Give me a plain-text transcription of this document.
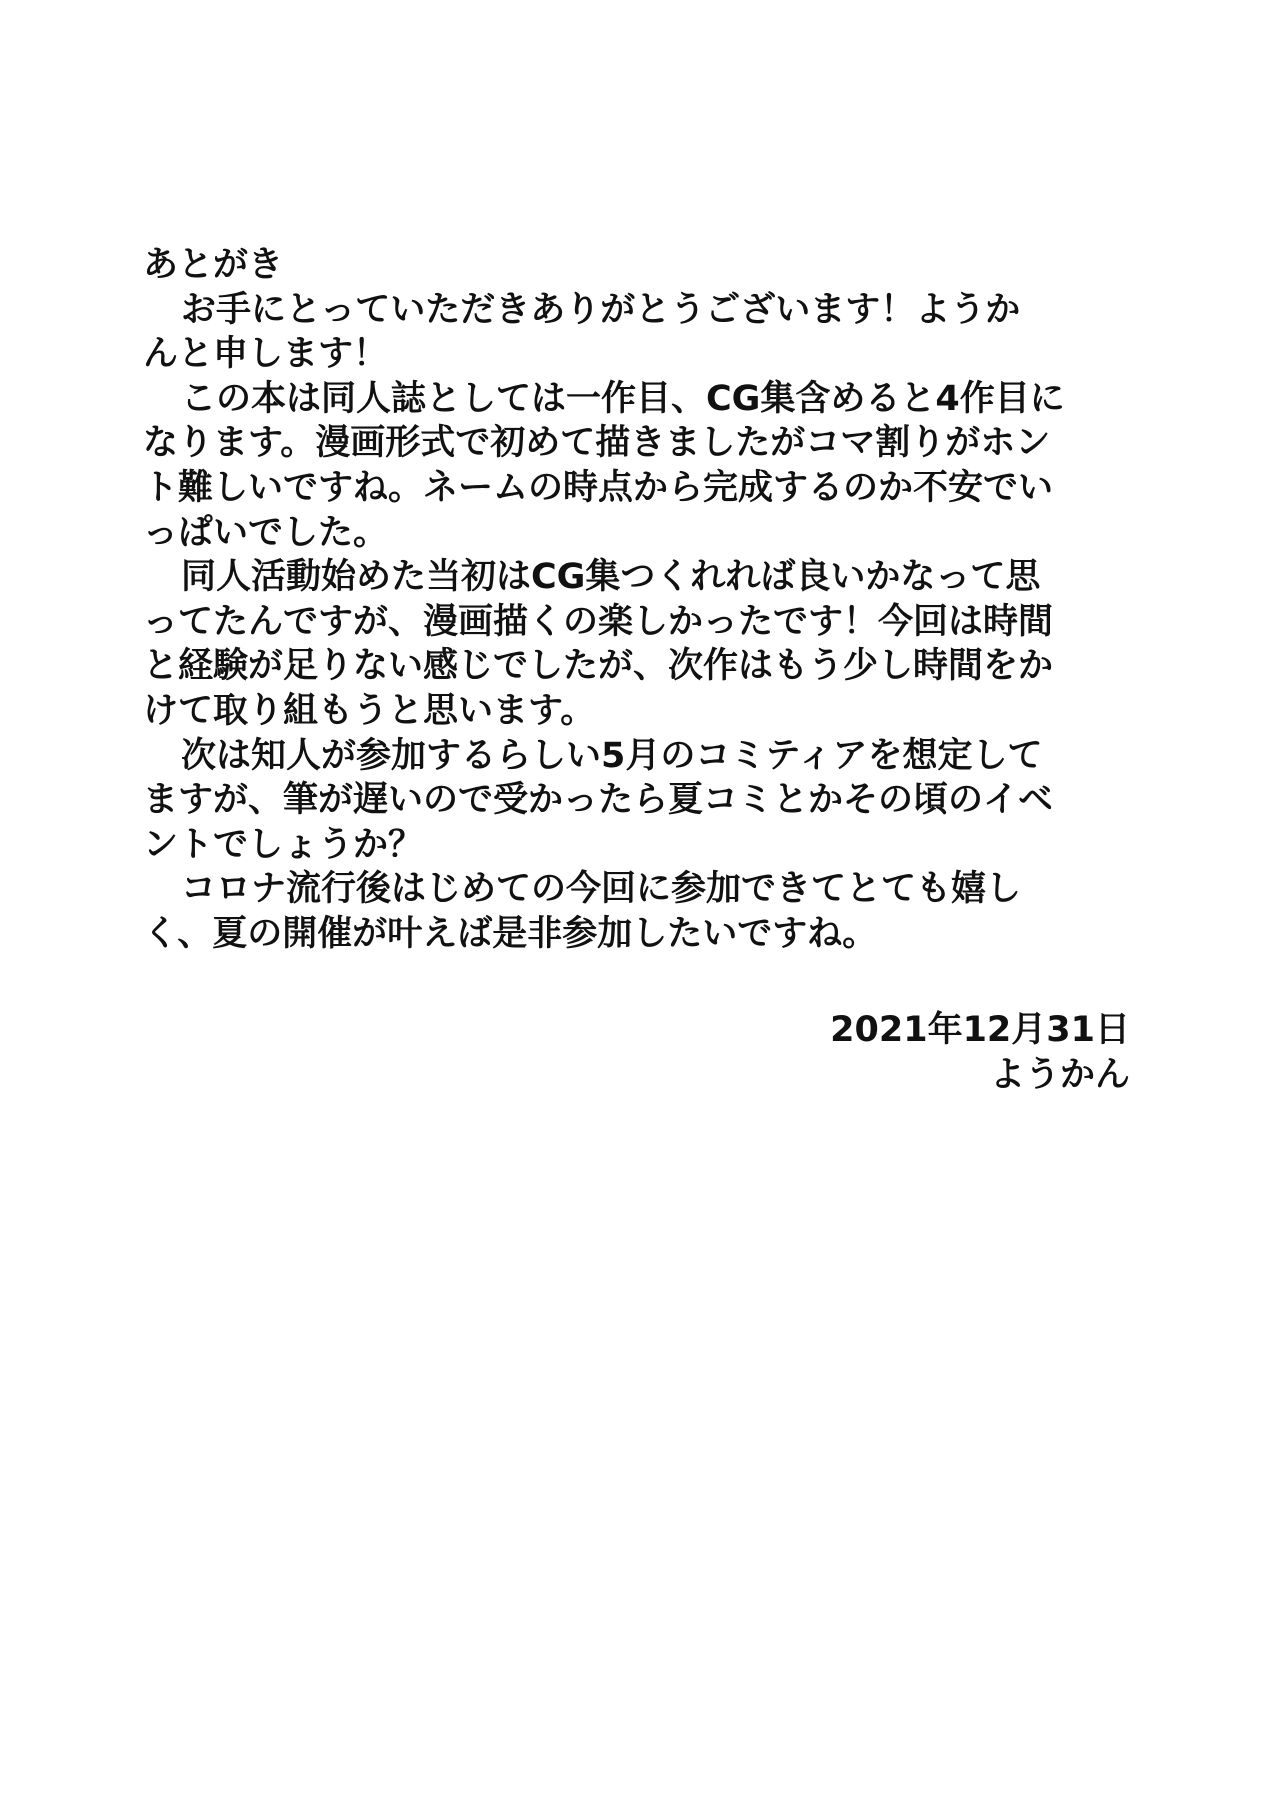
あとがき
お手にとっていただきありがとうございます！ようか
んと申します！
この本は同人誌としては一作目、CG集含めると4作目に
なります。漫画形式で初めて描きましたがコマ割りがホン
ト難しいですね。ネームの時点から完成するのか不安でい
っぱいでした。
同人活動始めた当初はCG集つくれれば良いかなって思
ってたんですが、漫画描くの楽しかったです！今回は時間
と経験が足りない感じでしたが、次作はもう少し時間をか
けて取り組もうと思います。
次は知人が参加するらしい5月のコミティアを想定して
ますが、筆が遅いので受かったら夏コミとかその頃のイベ
ントでしょうか？
コロナ流行後はじめての今回に参加できてとても嬉し
く、夏の開催が叶えば是非参加したいですね。
2021年12月31日
ようかん
